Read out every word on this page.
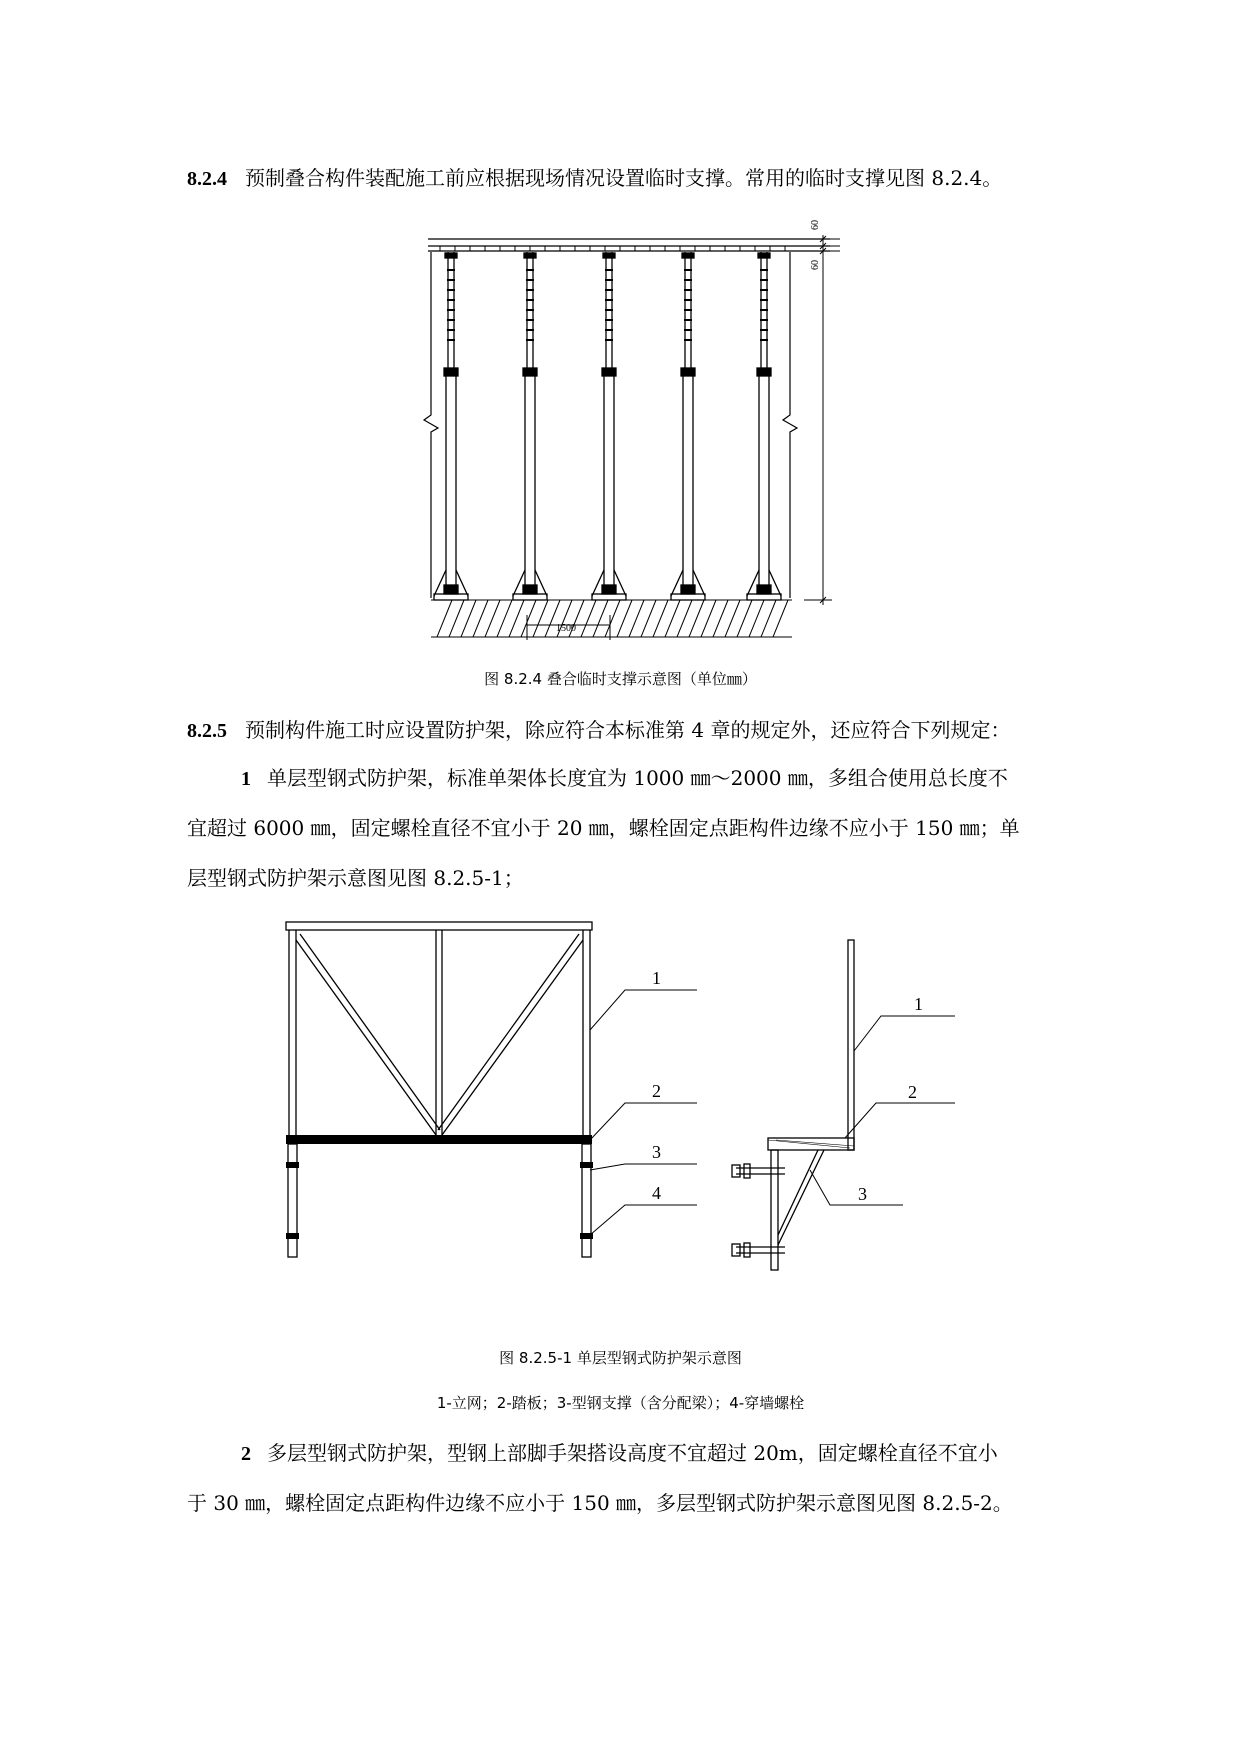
8.2.4 预制叠合构件装配施工前应根据现场情况设置临时支撑。常用的临时支撑见图 8.2.4。

60
60
1500

图 8.2.4 叠合临时支撑示意图（单位㎜）

8.2.5 预制构件施工时应设置防护架，除应符合本标准第 4 章的规定外，还应符合下列规定：

1 单层型钢式防护架，标准单架体长度宜为 1000 ㎜～2000 ㎜，多组合使用总长度不

宜超过 6000 ㎜，固定螺栓直径不宜小于 20 ㎜，螺栓固定点距构件边缘不应小于 150 ㎜；单

层型钢式防护架示意图见图 8.2.5-1；

1
2
3
4
1
2
3

图 8.2.5-1 单层型钢式防护架示意图

1-立网；2-踏板；3-型钢支撑（含分配梁）；4-穿墙螺栓

2 多层型钢式防护架，型钢上部脚手架搭设高度不宜超过 20m，固定螺栓直径不宜小

于 30 ㎜，螺栓固定点距构件边缘不应小于 150 ㎜，多层型钢式防护架示意图见图 8.2.5-2。
